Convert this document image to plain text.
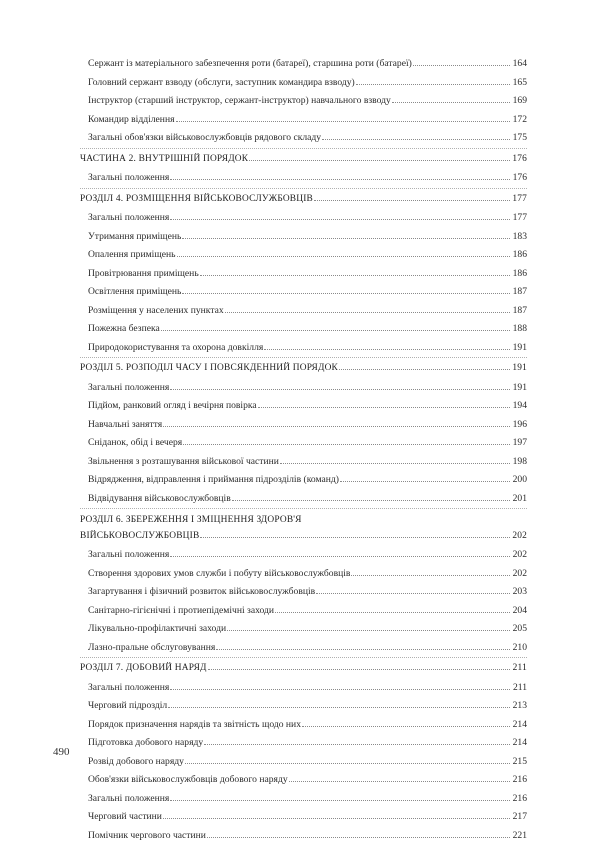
Сержант із матеріального забезпечення роти (батареї), старшина роти (батареї)	164
Головний сержант взводу (обслуги, заступник командира взводу)	165
Інструктор (старший інструктор, сержант-інструктор) навчального взводу	169
Командир відділення	172
Загальні обов'язки військовослужбовців рядового складу	175
ЧАСТИНА 2. ВНУТРІШНІЙ ПОРЯДОК	176
Загальні положення	176
РОЗДІЛ 4. РОЗМІЩЕННЯ ВІЙСЬКОВОСЛУЖБОВЦІВ	177
Загальні положення	177
Утримання приміщень	183
Опалення приміщень	186
Провітрювання приміщень	186
Освітлення приміщень	187
Розміщення у населених пунктах	187
Пожежна безпека	188
Природокористування та охорона довкілля	191
РОЗДІЛ 5. РОЗПОДІЛ ЧАСУ І ПОВСЯКДЕННИЙ ПОРЯДОК	191
Загальні положення	191
Підйом, ранковий огляд і вечірня повірка	194
Навчальні заняття	196
Сніданок, обід і вечеря	197
Звільнення з розташування військової частини	198
Відрядження, відправлення і приймання підрозділів (команд)	200
Відвідування військовослужбовців	201
РОЗДІЛ 6. ЗБЕРЕЖЕННЯ І ЗМІЦНЕННЯ ЗДОРОВ'Я
ВІЙСЬКОВОСЛУЖБОВЦІВ	202
Загальні положення	202
Створення здорових умов служби і побуту військовослужбовців	202
Загартування і фізичний розвиток військовослужбовців	203
Санітарно-гігієнічні і протиепідемічні заходи	204
Лікувально-профілактичні заходи	205
Лазно-пральне обслуговування	210
РОЗДІЛ 7. ДОБОВИЙ НАРЯД	211
Загальні положення	211
Черговий підрозділ	213
Порядок призначення нарядів та звітність щодо них	214
Підготовка добового наряду	214
Розвід добового наряду	215
Обов'язки військовослужбовців добового наряду	216
Загальні положення	216
Черговий частини	217
Помічник чергового частини	221
490
